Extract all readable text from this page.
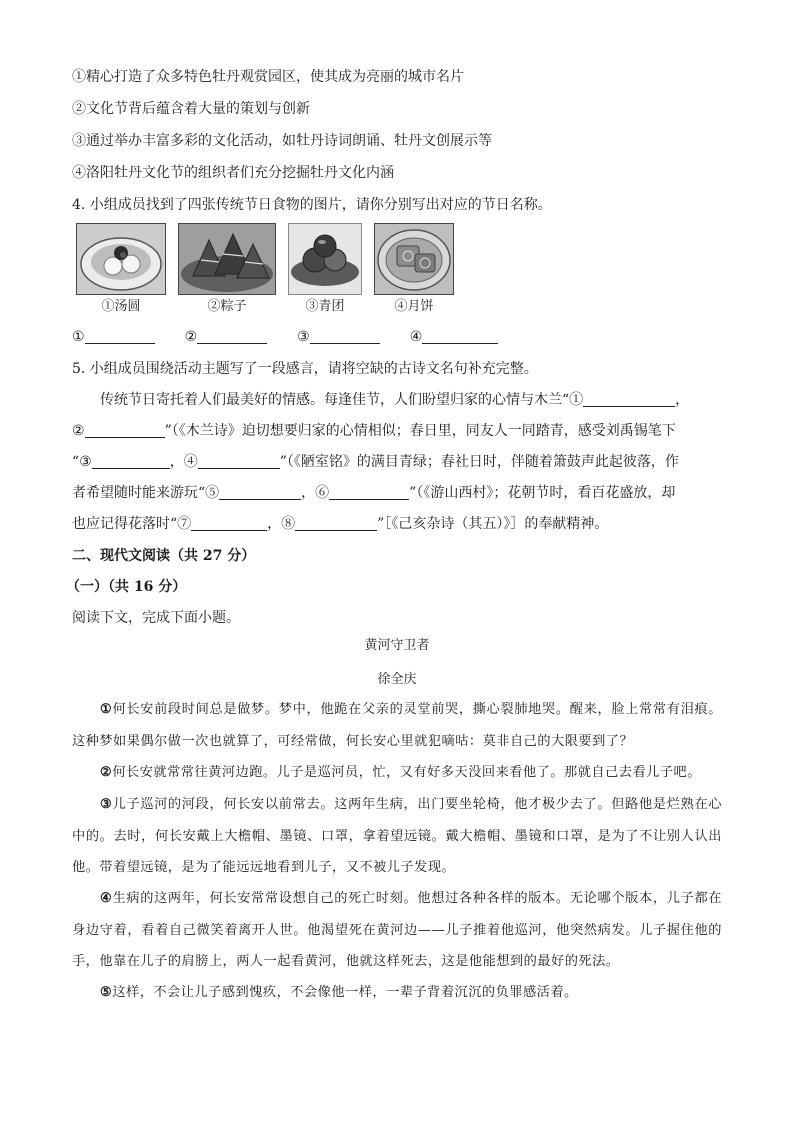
①精心打造了众多特色牡丹观赏园区，使其成为亮丽的城市名片
②文化节背后蕴含着大量的策划与创新
③通过举办丰富多彩的文化活动，如牡丹诗词朗诵、牡丹文创展示等
④洛阳牡丹文化节的组织者们充分挖掘牡丹文化内涵
4. 小组成员找到了四张传统节日食物的图片，请你分别写出对应的节日名称。
①汤圆	②粽子	③青团	④月饼
①	②	③	④
5. 小组成员围绕活动主题写了一段感言，请将空缺的古诗文名句补充完整。
传统节日寄托着人们最美好的情感。每逢佳节，人们盼望归家的心情与木兰“①	，
②	”（《木兰诗》迫切想要归家的心情相似；春日里，同友人一同踏青，感受刘禹锡笔下
“③	，④	”（《陋室铭》的满目青绿；春社日时，伴随着箫鼓声此起彼落，作
者希望随时能来游玩“⑤	，⑥	”（《游山西村》；花朝节时，看百花盛放，却
也应记得花落时“⑦	，⑧	”［《己亥杂诗（其五）》］的奉献精神。
二、现代文阅读（共 27 分）
（一）（共 16 分）
阅读下文，完成下面小题。
黄河守卫者
徐全庆
①何长安前段时间总是做梦。梦中，他跪在父亲的灵堂前哭，撕心裂肺地哭。醒来，脸上常常有泪痕。这种梦如果偶尔做一次也就算了，可经常做，何长安心里就犯嘀咕：莫非自己的大限要到了？
②何长安就常常往黄河边跑。儿子是巡河员，忙，又有好多天没回来看他了。那就自己去看儿子吧。
③儿子巡河的河段，何长安以前常去。这两年生病，出门要坐轮椅，他才极少去了。但路他是烂熟在心中的。去时，何长安戴上大檐帽、墨镜、口罩，拿着望远镜。戴大檐帽、墨镜和口罩，是为了不让别人认出他。带着望远镜，是为了能远远地看到儿子，又不被儿子发现。
④生病的这两年，何长安常常设想自己的死亡时刻。他想过各种各样的版本。无论哪个版本，儿子都在身边守着，看着自己微笑着离开人世。他渴望死在黄河边——儿子推着他巡河，他突然病发。儿子握住他的手，他靠在儿子的肩膀上，两人一起看黄河，他就这样死去，这是他能想到的最好的死法。
⑤这样，不会让儿子感到愧疚，不会像他一样，一辈子背着沉沉的负罪感活着。
